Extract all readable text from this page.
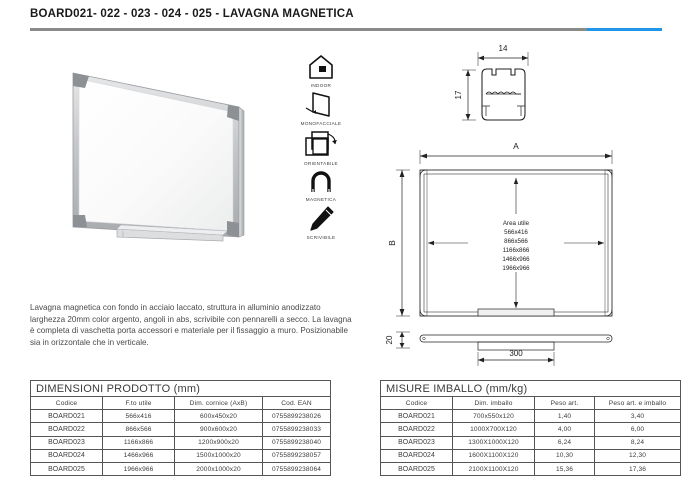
BOARD021- 022 - 023 - 024 - 025 - LAVAGNA MAGNETICA
INDOOR
MONOFACCIALE
ORIENTABILE
MAGNETICA
SCRIVIBILE

Lavagna magnetica con fondo in acciaio laccato, struttura in alluminio anodizzato larghezza 20mm color argento, angoli in abs, scrivibile con pennarelli a secco. La lavagna è completa di vaschetta porta accessori e materiale per il fissaggio a muro. Posizionabile sia in orizzontale che in verticale.

14
17
A
B
Area utile
566x416
866x566
1166x866
1466x966
1966x966
20
300
DIMENSIONI PRODOTTO (mm)			
Codice	F.to utile	Dim. cornice (AxB)	Cod. EAN
BOARD021	566x416	600x450x20	0755899238026
BOARD022	866x566	900x600x20	0755899238033
BOARD023	1166x866	1200x900x20	0755899238040
BOARD024	1466x966	1500x1000x20	0755899238057
BOARD025	1966x966	2000x1000x20	0755899238064
MISURE IMBALLO (mm/kg)			
Codice	Dim. imballo	Peso art.	Peso art. e imballo
BOARD021	700x550x120	1,40	3,40
BOARD022	1000X700X120	4,00	6,00
BOARD023	1300X1000X120	6,24	8,24
BOARD024	1600X1100X120	10,30	12,30
BOARD025	2100X1100X120	15,36	17,36
